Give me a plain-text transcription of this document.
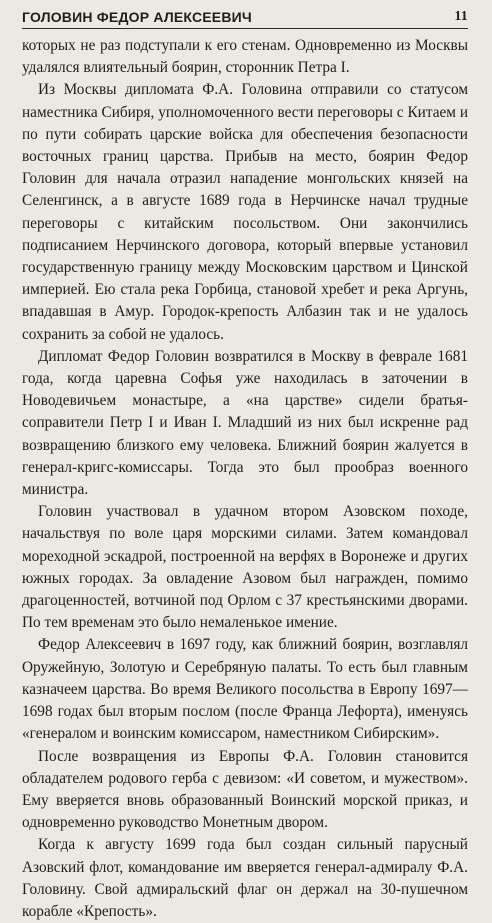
ГОЛОВИН ФЕДОР АЛЕКСЕЕВИЧ	11

которых не раз подступали к его стенам. Одновременно из Москвы удалялся влиятельный боярин, сторонник Петра I.

Из Москвы дипломата Ф.А. Головина отправили со статусом наместника Сибиря, уполномоченного вести переговоры с Китаем и по пути собирать царские войска для обеспечения безопасности восточных границ царства. Прибыв на место, боярин Федор Головин для начала отразил нападение монгольских князей на Селенгинск, а в августе 1689 года в Нерчинске начал трудные переговоры с китайским посольством. Они закончились подписанием Нерчинского договора, который впервые установил государственную границу между Московским царством и Цинской империей. Ею стала река Горбица, становой хребет и река Аргунь, впадавшая в Амур. Городок-крепость Албазин так и не удалось сохранить за собой не удалось.

Дипломат Федор Головин возвратился в Москву в феврале 1681 года, когда царевна Софья уже находилась в заточении в Новодевичьем монастыре, а «на царстве» сидели братья-соправители Петр I и Иван I. Младший из них был искренне рад возвращению близкого ему человека. Ближний боярин жалуется в генерал-кригс-комиссары. Тогда это был прообраз военного министра.

Головин участвовал в удачном втором Азовском походе, начальствуя по воле царя морскими силами. Затем командовал мореходной эскадрой, построенной на верфях в Воронеже и других южных городах. За овладение Азовом был награжден, помимо драгоценностей, вотчиной под Орлом с 37 крестьянскими дворами. По тем временам это было немаленькое имение.

Федор Алексеевич в 1697 году, как ближний боярин, возглавлял Оружейную, Золотую и Серебряную палаты. То есть был главным казначеем царства. Во время Великого посольства в Европу 1697—1698 годах был вторым послом (после Франца Лефорта), именуясь «генералом и воинским комиссаром, наместником Сибирским».

После возвращения из Европы Ф.А. Головин становится обладателем родового герба с девизом: «И советом, и мужеством». Ему вверяется вновь образованный Воинский морской приказ, и одновременно руководство Монетным двором.

Когда к августу 1699 года был создан сильный парусный Азовский флот, командование им вверяется генерал-адмиралу Ф.А. Головину. Свой адмиральский флаг он держал на 30-пушечном корабле «Крепость».
